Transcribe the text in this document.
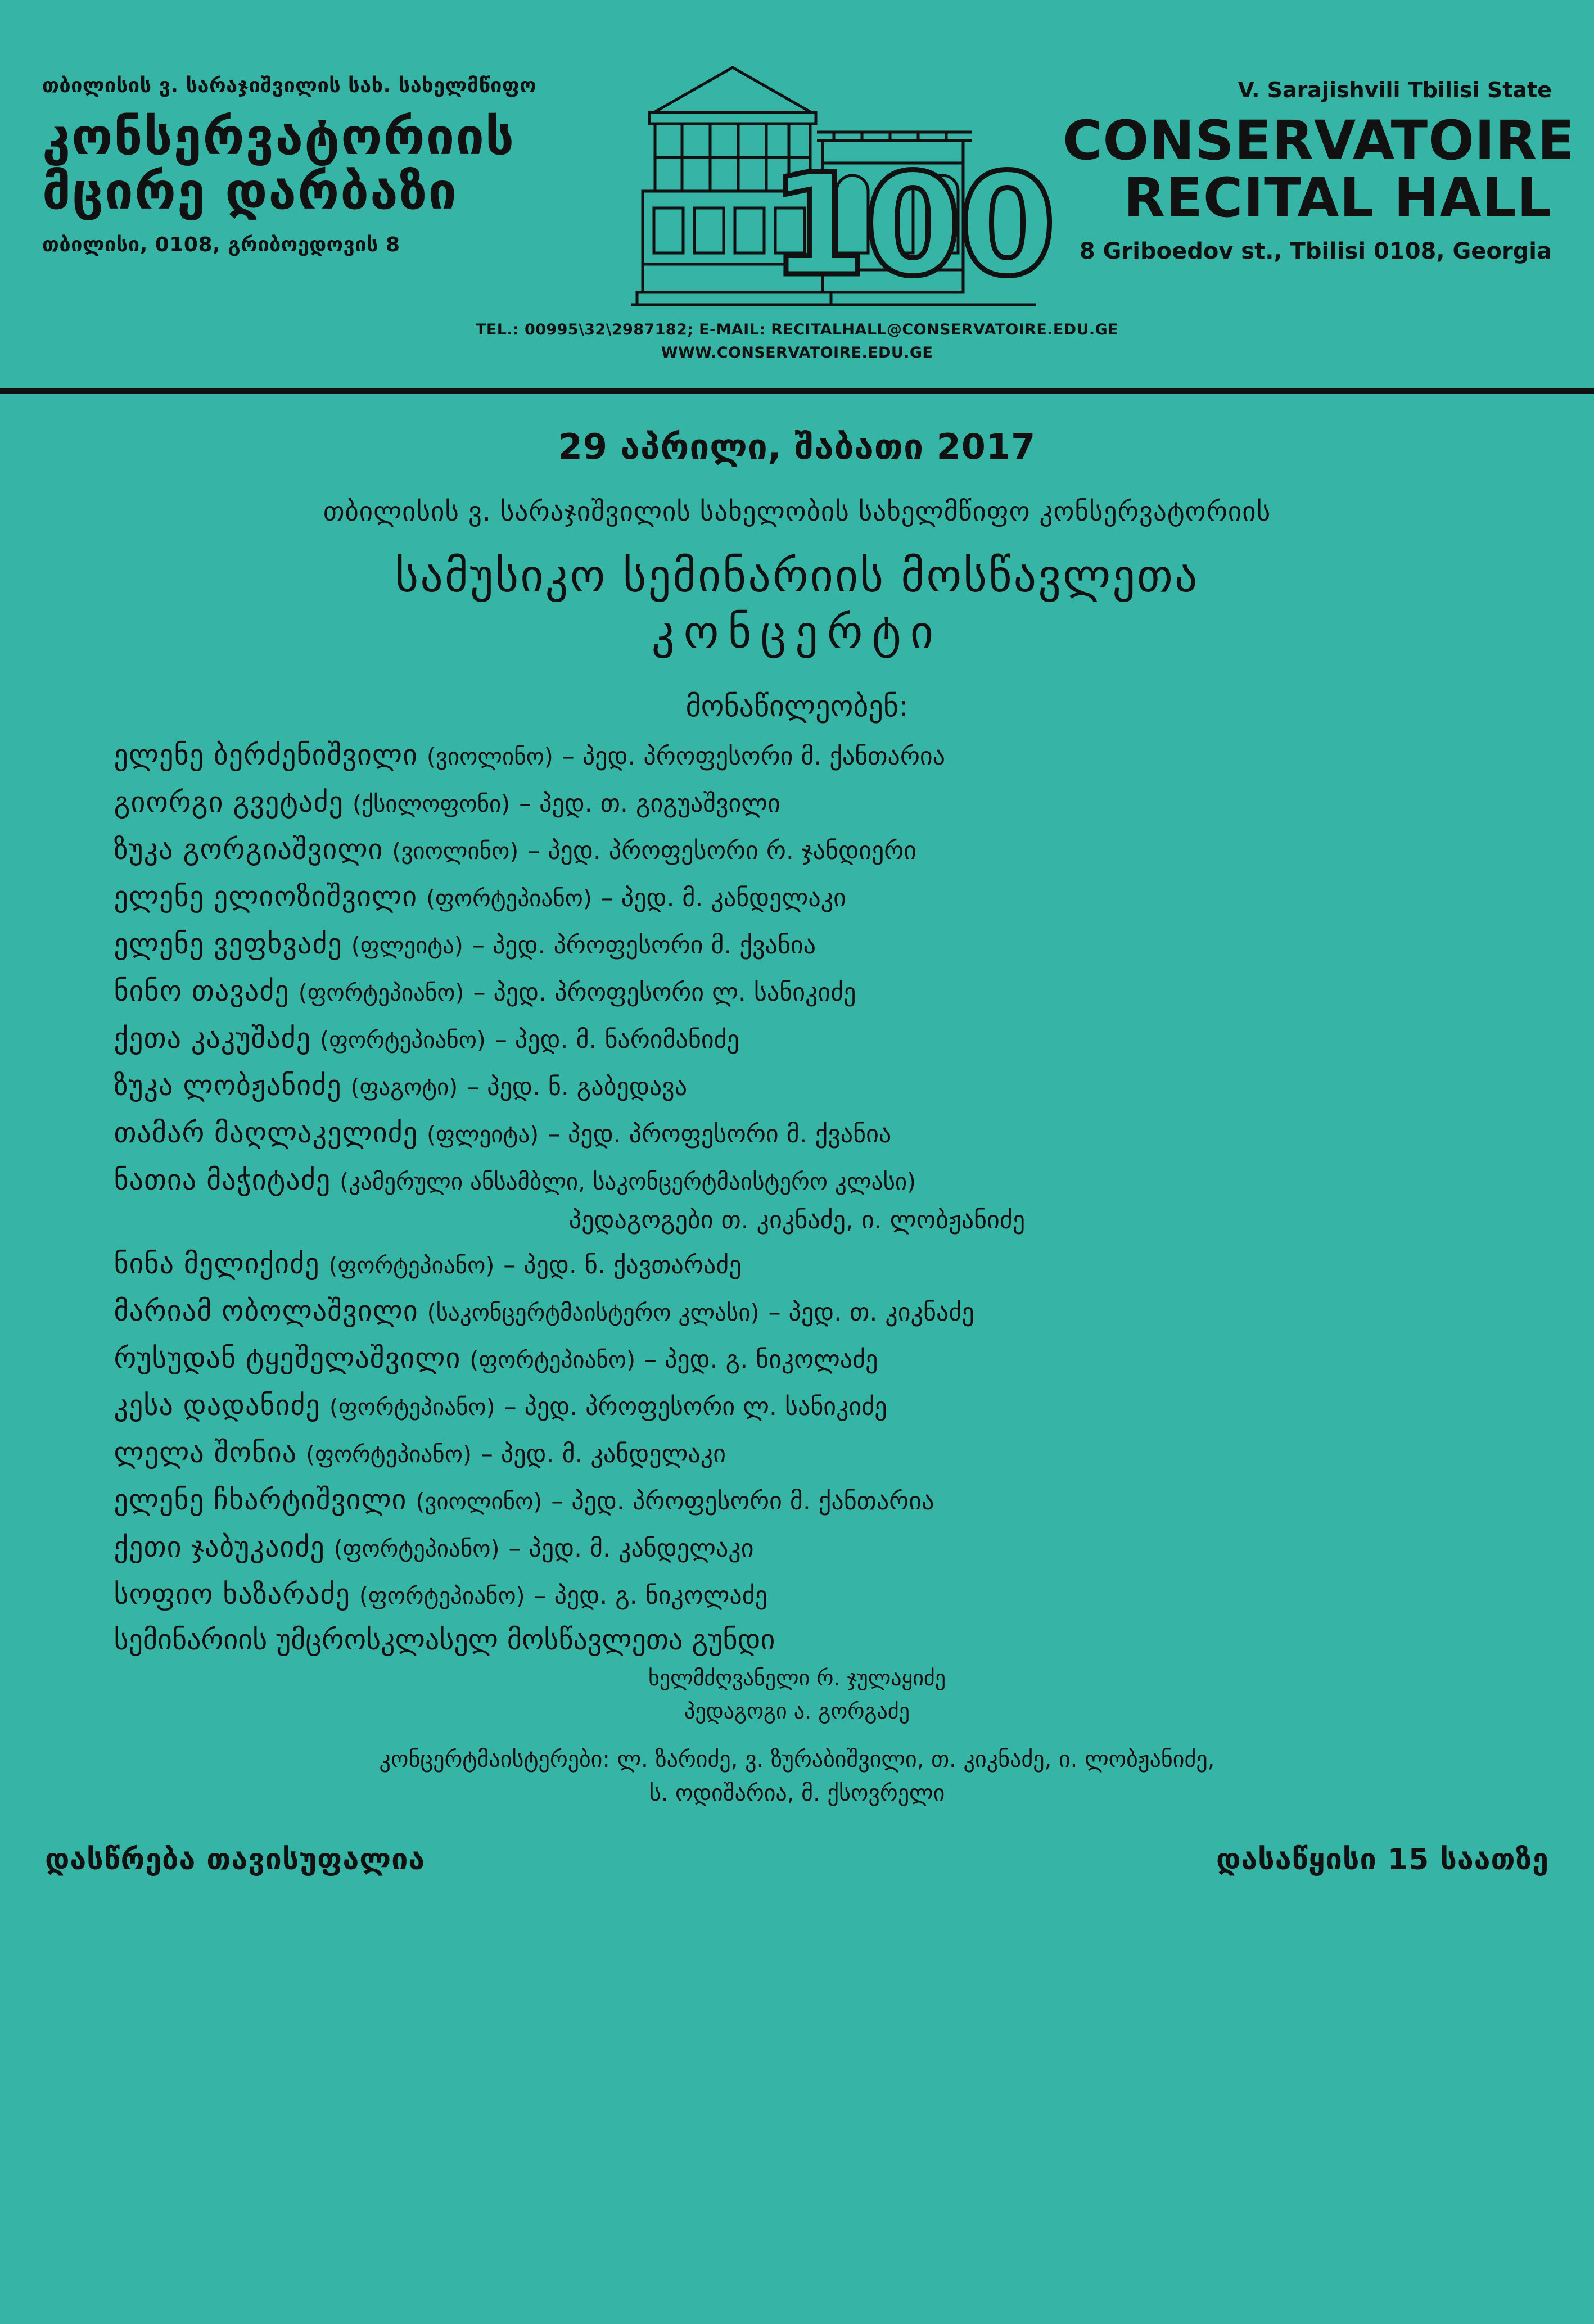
თბილისის ვ. სარაჯიშვილის სახ. სახელმწიფო
კონსერვატორიის
მცირე დარბაზი
თბილისი, 0108, გრიბოედოვის 8	100
V. Sarajishvili Tbilisi State
CONSERVATOIRE
RECITAL HALL
8 Griboedov st., Tbilisi 0108, Georgia
TEL.: 00995\32\2987182; E-MAIL: RECITALHALL@CONSERVATOIRE.EDU.GE
WWW.CONSERVATOIRE.EDU.GE
29 აპრილი, შაბათი 2017
თბილისის ვ. სარაჯიშვილის სახელობის სახელმწიფო კონსერვატორიის
სამუსიკო სემინარიის მოსწავლეთა
კონცერტი
მონაწილეობენ:
ელენე ბერძენიშვილი (ვიოლინო) – პედ. პროფესორი მ. ქანთარია
გიორგი გვეტაძე (ქსილოფონი) – პედ. თ. გიგუაშვილი
ზუკა გორგიაშვილი (ვიოლინო) – პედ. პროფესორი რ. ჯანდიერი
ელენე ელიოზიშვილი (ფორტეპიანო) – პედ. მ. კანდელაკი
ელენე ვეფხვაძე (ფლეიტა) – პედ. პროფესორი მ. ქვანია
ნინო თავაძე (ფორტეპიანო) – პედ. პროფესორი ლ. სანიკიძე
ქეთა კაკუშაძე (ფორტეპიანო) – პედ. მ. ნარიმანიძე
ზუკა ლობჟანიძე (ფაგოტი) – პედ. ნ. გაბედავა
თამარ მაღლაკელიძე (ფლეიტა) – პედ. პროფესორი მ. ქვანია
ნათია მაჭიტაძე (კამერული ანსამბლი, საკონცერტმაისტერო კლასი)
პედაგოგები თ. კიკნაძე, ი. ლობჟანიძე
ნინა მელიქიძე (ფორტეპიანო) – პედ. ნ. ქავთარაძე
მარიამ ობოლაშვილი (საკონცერტმაისტერო კლასი) – პედ. თ. კიკნაძე
რუსუდან ტყეშელაშვილი (ფორტეპიანო) – პედ. გ. ნიკოლაძე
კესა დადანიძე (ფორტეპიანო) – პედ. პროფესორი ლ. სანიკიძე
ლელა შონია (ფორტეპიანო) – პედ. მ. კანდელაკი
ელენე ჩხარტიშვილი (ვიოლინო) – პედ. პროფესორი მ. ქანთარია
ქეთი ჯაბუკაიძე (ფორტეპიანო) – პედ. მ. კანდელაკი
სოფიო ხაზარაძე (ფორტეპიანო) – პედ. გ. ნიკოლაძე
სემინარიის უმცროსკლასელ მოსწავლეთა გუნდი
ხელმძღვანელი რ. ჯულაყიძე
პედაგოგი ა. გორგაძე
კონცერტმაისტერები: ლ. ზარიძე, ვ. ზურაბიშვილი, თ. კიკნაძე, ი. ლობჟანიძე,
ს. ოდიშარია, მ. ქსოვრელი
დასწრება თავისუფალია	დასაწყისი 15 საათზე
